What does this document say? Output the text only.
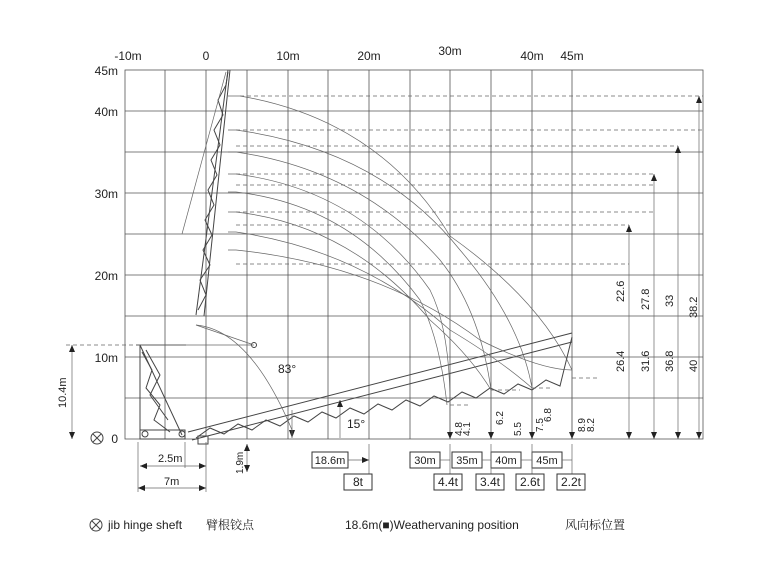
-10m	0	10m	20m	30m	40m 45m
45m
40m
30m
20m
10m
0
83°
15°
26.4
22.6
31.6
27.8
36.8
33
40
38.2
4.8
4.1
6.2
5.5 7.5
6.8
8.9
8.2
10.4m
2.5m
7m
1.9m	18.6m	30m 35m 40m 45m
8t	4.4t 3.4t 2.6t 2.2t
jib hinge sheft 臂根铰点	18.6m(■)Weathervaning position	风向标位置
